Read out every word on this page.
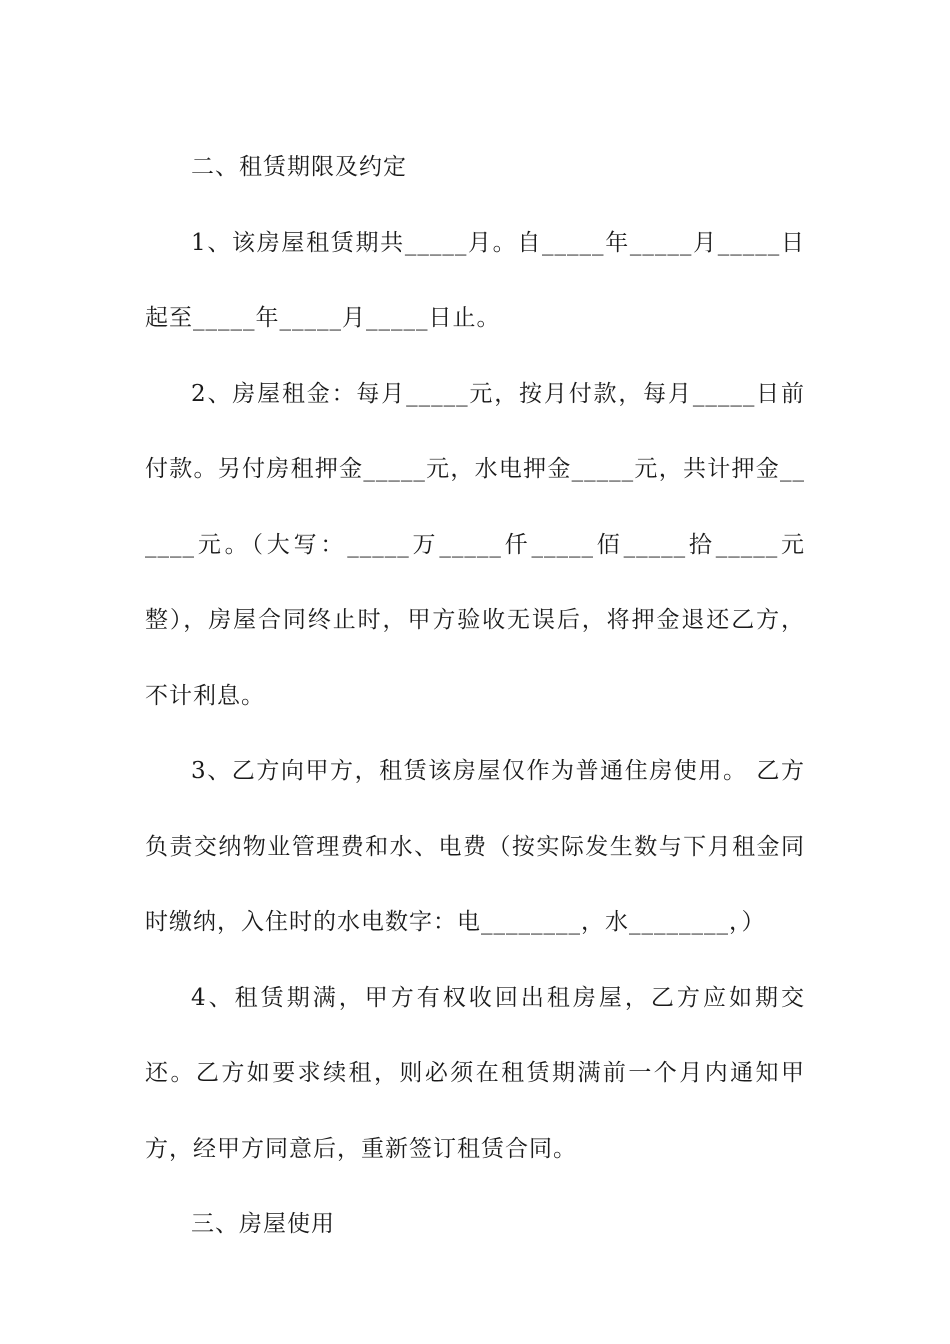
二、租赁期限及约定

1、该房屋租赁期共_____月。自_____年_____月_____日起至_____年_____月_____日止。

2、房屋租金：每月_____元，按月付款，每月_____日前付款。另付房租押金_____元，水电押金_____元，共计押金______元。（大写：_____万_____仟_____佰_____拾_____元整），房屋合同终止时，甲方验收无误后，将押金退还乙方，不计利息。

3、乙方向甲方，租赁该房屋仅作为普通住房使用。 乙方负责交纳物业管理费和水、电费（按实际发生数与下月租金同时缴纳，入住时的水电数字：电________，水________，）

4、租赁期满，甲方有权收回出租房屋，乙方应如期交还。乙方如要求续租，则必须在租赁期满前一个月内通知甲方，经甲方同意后，重新签订租赁合同。

三、房屋使用
